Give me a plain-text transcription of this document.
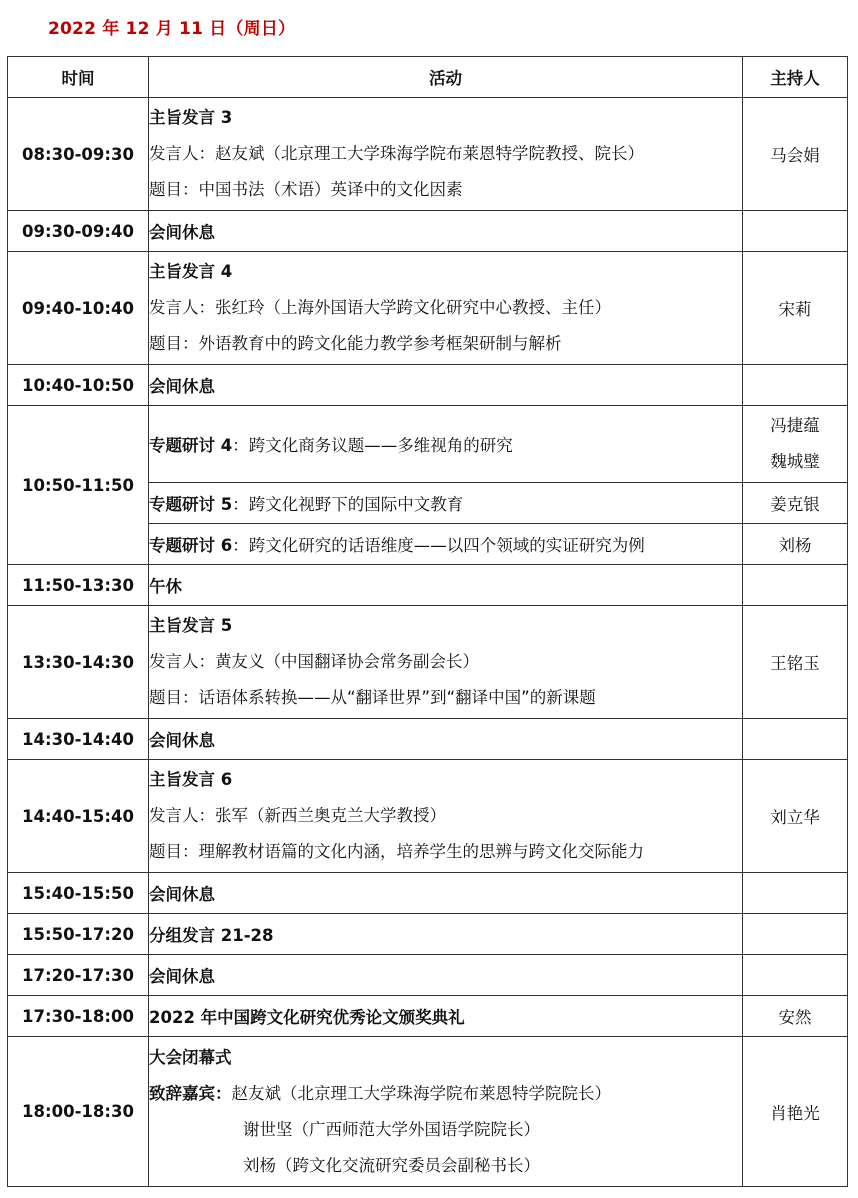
2022 年 12 月 11 日（周日）
时间	活动	主持人
08:30-09:30	主旨发言 3
发言人：赵友斌（北京理工大学珠海学院布莱恩特学院教授、院长）
题目：中国书法（术语）英译中的文化因素	马会娟
09:30-09:40	会间休息	
09:40-10:40	主旨发言 4
发言人：张红玲（上海外国语大学跨文化研究中心教授、主任）
题目：外语教育中的跨文化能力教学参考框架研制与解析	宋莉
10:40-10:50	会间休息	
10:50-11:50	专题研讨 4：跨文化商务议题——多维视角的研究	冯捷蕴
魏城璧

	专题研讨 5：跨文化视野下的国际中文教育	姜克银
	专题研讨 6：跨文化研究的话语维度——以四个领域的实证研究为例	刘杨
11:50-13:30	午休	
13:30-14:30	主旨发言 5
发言人：黄友义（中国翻译协会常务副会长）
题目：话语体系转换——从“翻译世界”到“翻译中国”的新课题	王铭玉
14:30-14:40	会间休息	
14:40-15:40	主旨发言 6
发言人：张军（新西兰奥克兰大学教授）
题目：理解教材语篇的文化内涵，培养学生的思辨与跨文化交际能力	刘立华
15:40-15:50	会间休息	
15:50-17:20	分组发言 21-28	
17:20-17:30	会间休息	
17:30-18:00	2022 年中国跨文化研究优秀论文颁奖典礼	安然
18:00-18:30	大会闭幕式
致辞嘉宾：赵友斌（北京理工大学珠海学院布莱恩特学院院长）
谢世坚（广西师范大学外国语学院院长）
刘杨（跨文化交流研究委员会副秘书长）	肖艳光
